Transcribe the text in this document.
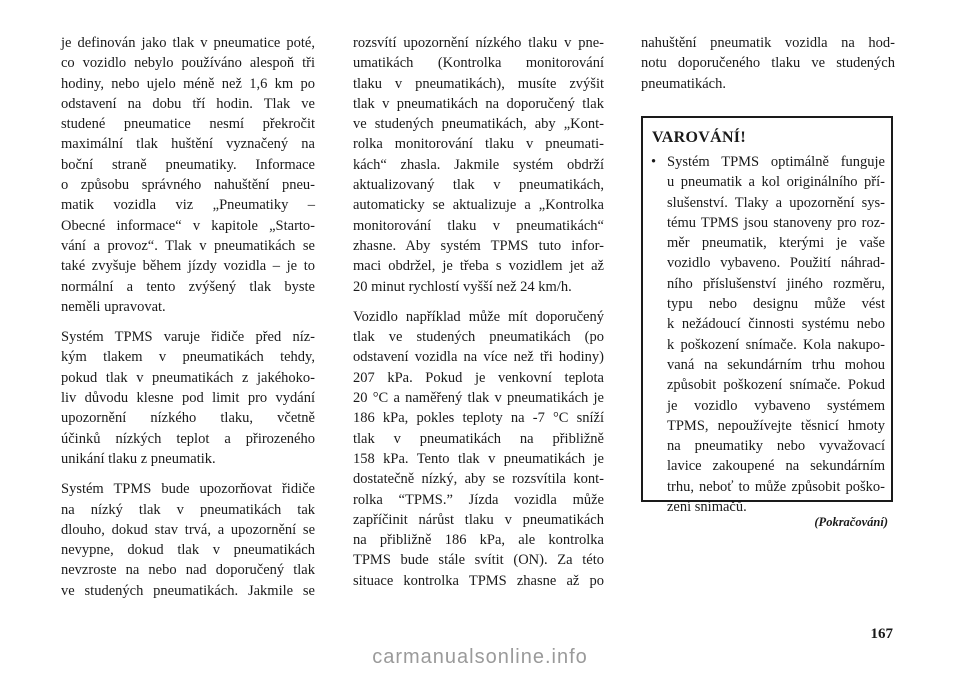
je definován jako tlak v pneumatice poté,
co vozidlo nebylo používáno alespoň tři
hodiny, nebo ujelo méně než 1,6 km po
odstavení na dobu tří hodin. Tlak ve
studené pneumatice nesmí překročit
maximální tlak huštění vyznačený na
boční straně pneumatiky. Informace
o způsobu správného nahuštění pneu-
matik vozidla viz „Pneumatiky –
Obecné informace“ v kapitole „Starto-
vání a provoz“. Tlak v pneumatikách se
také zvyšuje během jízdy vozidla – je to
normální a tento zvýšený tlak byste
neměli upravovat.
Systém TPMS varuje řidiče před níz-
kým tlakem v pneumatikách tehdy,
pokud tlak v pneumatikách z jakéhoko-
liv důvodu klesne pod limit pro vydání
upozornění nízkého tlaku, včetně
účinků nízkých teplot a přirozeného
unikání tlaku z pneumatik.
Systém TPMS bude upozorňovat řidiče
na nízký tlak v pneumatikách tak
dlouho, dokud stav trvá, a upozornění se
nevypne, dokud tlak v pneumatikách
nevzroste na nebo nad doporučený tlak
ve studených pneumatikách. Jakmile se
rozsvítí upozornění nízkého tlaku v pne-
umatikách (Kontrolka monitorování
tlaku v pneumatikách), musíte zvýšit
tlak v pneumatikách na doporučený tlak
ve studených pneumatikách, aby „Kont-
rolka monitorování tlaku v pneumati-
kách“ zhasla. Jakmile systém obdrží
aktualizovaný tlak v pneumatikách,
automaticky se aktualizuje a „Kontrolka
monitorování tlaku v pneumatikách“
zhasne. Aby systém TPMS tuto infor-
maci obdržel, je třeba s vozidlem jet až
20 minut rychlostí vyšší než 24 km/h.
Vozidlo například může mít doporučený
tlak ve studených pneumatikách (po
odstavení vozidla na více než tři hodiny)
207 kPa. Pokud je venkovní teplota
20 °C a naměřený tlak v pneumatikách je
186 kPa, pokles teploty na -7 °C sníží
tlak v pneumatikách na přibližně
158 kPa. Tento tlak v pneumatikách je
dostatečně nízký, aby se rozsvítila kont-
rolka “TPMS.” Jízda vozidla může
zapříčinit nárůst tlaku v pneumatikách
na přibližně 186 kPa, ale kontrolka
TPMS bude stále svítit (ON). Za této
situace kontrolka TPMS zhasne až po
nahuštění pneumatik vozidla na hod-
notu doporučeného tlaku ve studených
pneumatikách.
VAROVÁNÍ!
• Systém TPMS optimálně funguje
u pneumatik a kol originálního pří-
slušenství. Tlaky a upozornění sys-
tému TPMS jsou stanoveny pro roz-
měr pneumatik, kterými je vaše
vozidlo vybaveno. Použití náhrad-
ního příslušenství jiného rozměru,
typu nebo designu může vést
k nežádoucí činnosti systému nebo
k poškození snímače. Kola nakupo-
vaná na sekundárním trhu mohou
způsobit poškození snímače. Pokud
je vozidlo vybaveno systémem
TPMS, nepoužívejte těsnicí hmoty
na pneumatiky nebo vyvažovací
lavice zakoupené na sekundárním
trhu, neboť to může způsobit poško-
zení snímačů.
(Pokračování)
167
carmanualsonline.info
